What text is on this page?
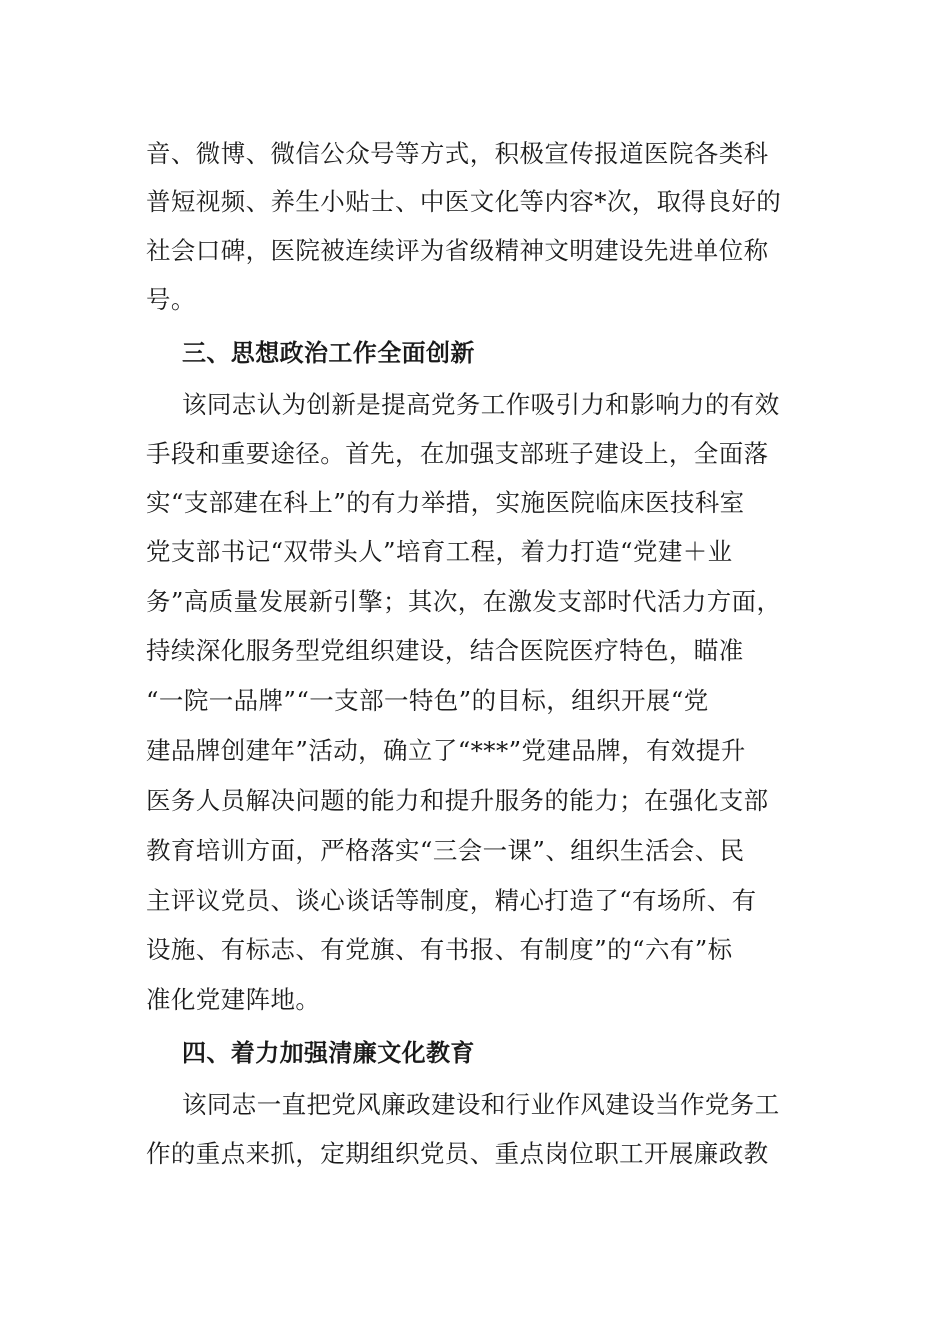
音、微博、微信公众号等方式，积极宣传报道医院各类科
普短视频、养生小贴士、中医文化等内容*次，取得良好的
社会口碑，医院被连续评为省级精神文明建设先进单位称
号。
三、思想政治工作全面创新
该同志认为创新是提高党务工作吸引力和影响力的有效
手段和重要途径。首先，在加强支部班子建设上，全面落
实“支部建在科上”的有力举措，实施医院临床医技科室
党支部书记“双带头人”培育工程，着力打造“党建＋业
务”高质量发展新引擎；其次，在激发支部时代活力方面，
持续深化服务型党组织建设，结合医院医疗特色，瞄准
“一院一品牌”“一支部一特色”的目标，组织开展“党
建品牌创建年”活动，确立了“***”党建品牌，有效提升
医务人员解决问题的能力和提升服务的能力；在强化支部
教育培训方面，严格落实“三会一课”、组织生活会、民
主评议党员、谈心谈话等制度，精心打造了“有场所、有
设施、有标志、有党旗、有书报、有制度”的“六有”标
准化党建阵地。
四、着力加强清廉文化教育
该同志一直把党风廉政建设和行业作风建设当作党务工
作的重点来抓，定期组织党员、重点岗位职工开展廉政教
